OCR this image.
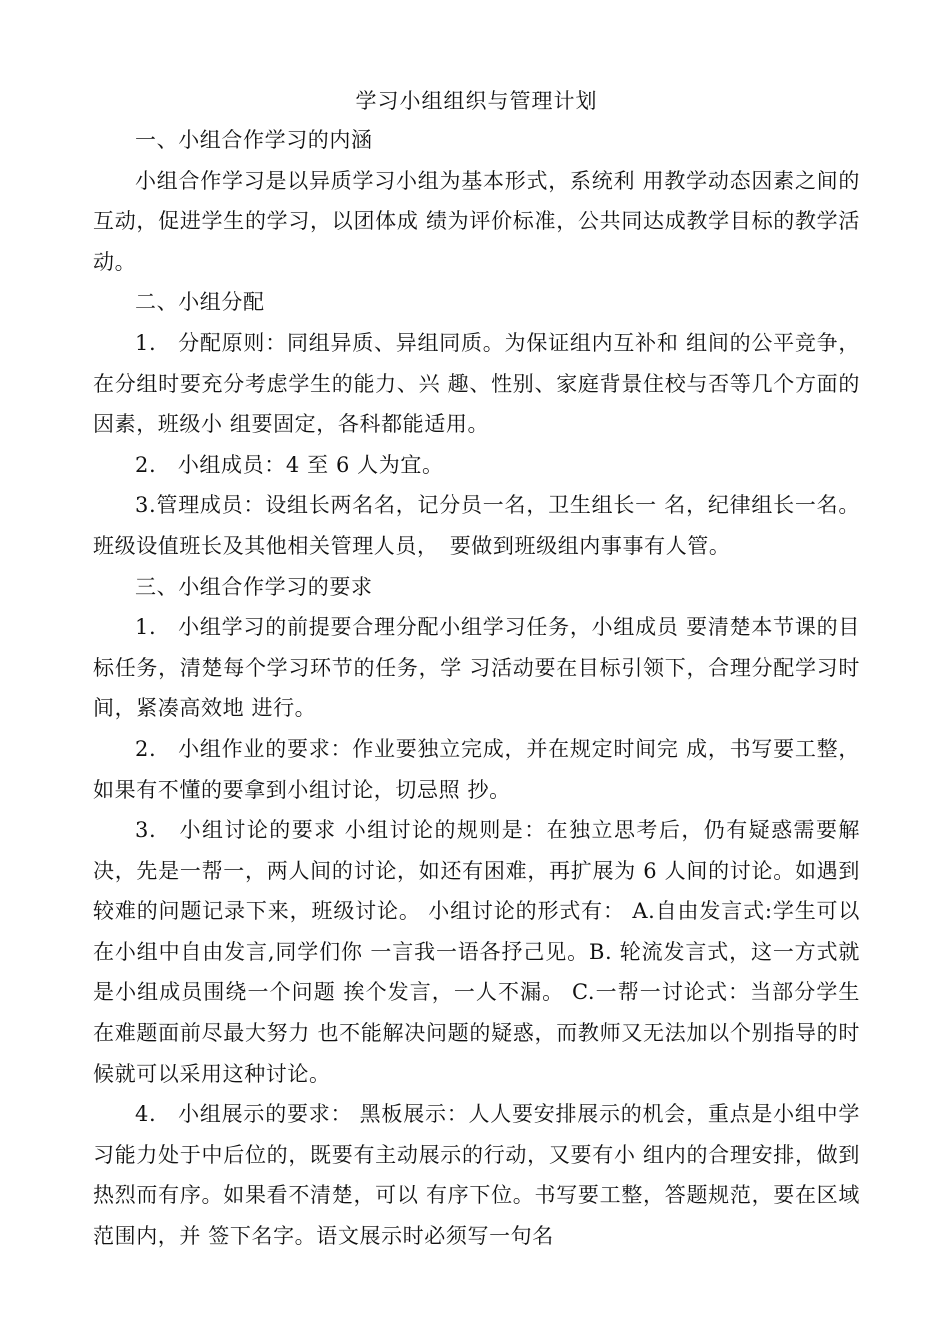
学习小组组织与管理计划

一、小组合作学习的内涵

小组合作学习是以异质学习小组为基本形式，系统利 用教学动态因素之间的互动，促进学生的学习，以团体成 绩为评价标准，公共同达成教学目标的教学活动。

二、小组分配

1.　分配原则：同组异质、异组同质。为保证组内互补和 组间的公平竞争，在分组时要充分考虑学生的能力、兴 趣、性别、家庭背景住校与否等几个方面的因素，班级小 组要固定，各科都能适用。

2.　小组成员：4 至 6 人为宜。

3.管理成员：设组长两名名，记分员一名，卫生组长一 名，纪律组长一名。班级设值班长及其他相关管理人员，　要做到班级组内事事有人管。

三、小组合作学习的要求

1.　小组学习的前提要合理分配小组学习任务，小组成员 要清楚本节课的目标任务，清楚每个学习环节的任务，学 习活动要在目标引领下，合理分配学习时间，紧凑高效地 进行。

2.　小组作业的要求：作业要独立完成，并在规定时间完 成，书写要工整，如果有不懂的要拿到小组讨论，切忌照 抄。

3.　小组讨论的要求 小组讨论的规则是：在独立思考后，仍有疑惑需要解 决，先是一帮一，两人间的讨论，如还有困难，再扩展为 6 人间的讨论。如遇到较难的问题记录下来，班级讨论。 小组讨论的形式有： A.自由发言式:学生可以在小组中自由发言,同学们你 一言我一语各抒己见。B. 轮流发言式，这一方式就是小组成员围绕一个问题 挨个发言，一人不漏。 C.一帮一讨论式：当部分学生在难题面前尽最大努力 也不能解决问题的疑惑，而教师又无法加以个别指导的时 候就可以采用这种讨论。

4.　小组展示的要求： 黑板展示：人人要安排展示的机会，重点是小组中学 习能力处于中后位的，既要有主动展示的行动，又要有小 组内的合理安排，做到热烈而有序。如果看不清楚，可以 有序下位。书写要工整，答题规范，要在区域范围内，并 签下名字。语文展示时必须写一句名
